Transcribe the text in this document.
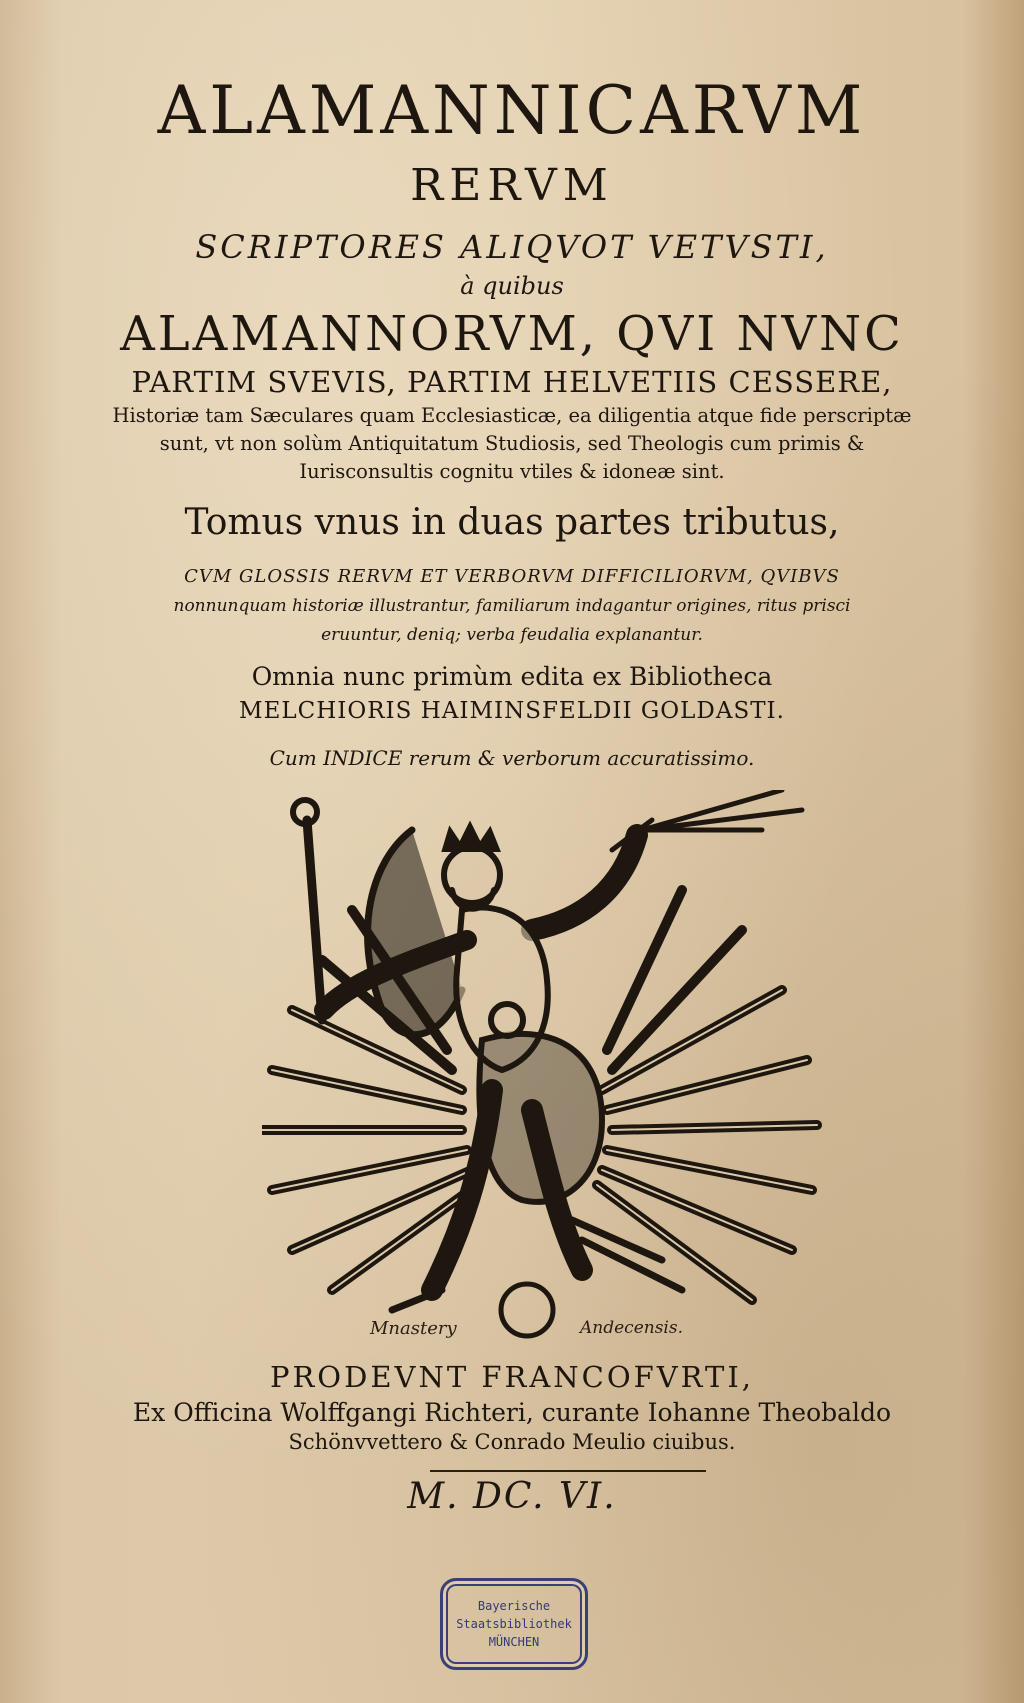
ALAMANNICARVM
RERVM
SCRIPTORES ALIQVOT VETVSTI,
à quibus
ALAMANNORVM, QVI NVNC
PARTIM SVEVIS, PARTIM HELVETIIS CESSERE,
Historiæ tam Sæculares quam Ecclesiasticæ, ea diligentia atque fide perscriptæ
sunt, vt non solùm Antiquitatum Studiosis, sed Theologis cum primis &
Iurisconsultis cognitu vtiles & idoneæ sint.
Tomus vnus in duas partes tributus,
CVM GLOSSIS RERVM ET VERBORVM DIFFICILIORVM, QVIBVS
nonnunquam historiæ illustrantur, familiarum indagantur origines, ritus prisci
eruuntur, deniq; verba feudalia explanantur.
Omnia nunc primùm edita ex Bibliotheca
MELCHIORIS HAIMINSFELDII GOLDASTI.
Cum INDICE rerum & verborum accuratissimo.
Mnastery	Andecensis.
PRODEVNT FRANCOFVRTI,
Ex Officina Wolffgangi Richteri, curante Iohanne Theobaldo
Schönvvettero & Conrado Meulio ciuibus.
M. DC. VI.
Bayerische
Staatsbibliothek
MÜNCHEN
